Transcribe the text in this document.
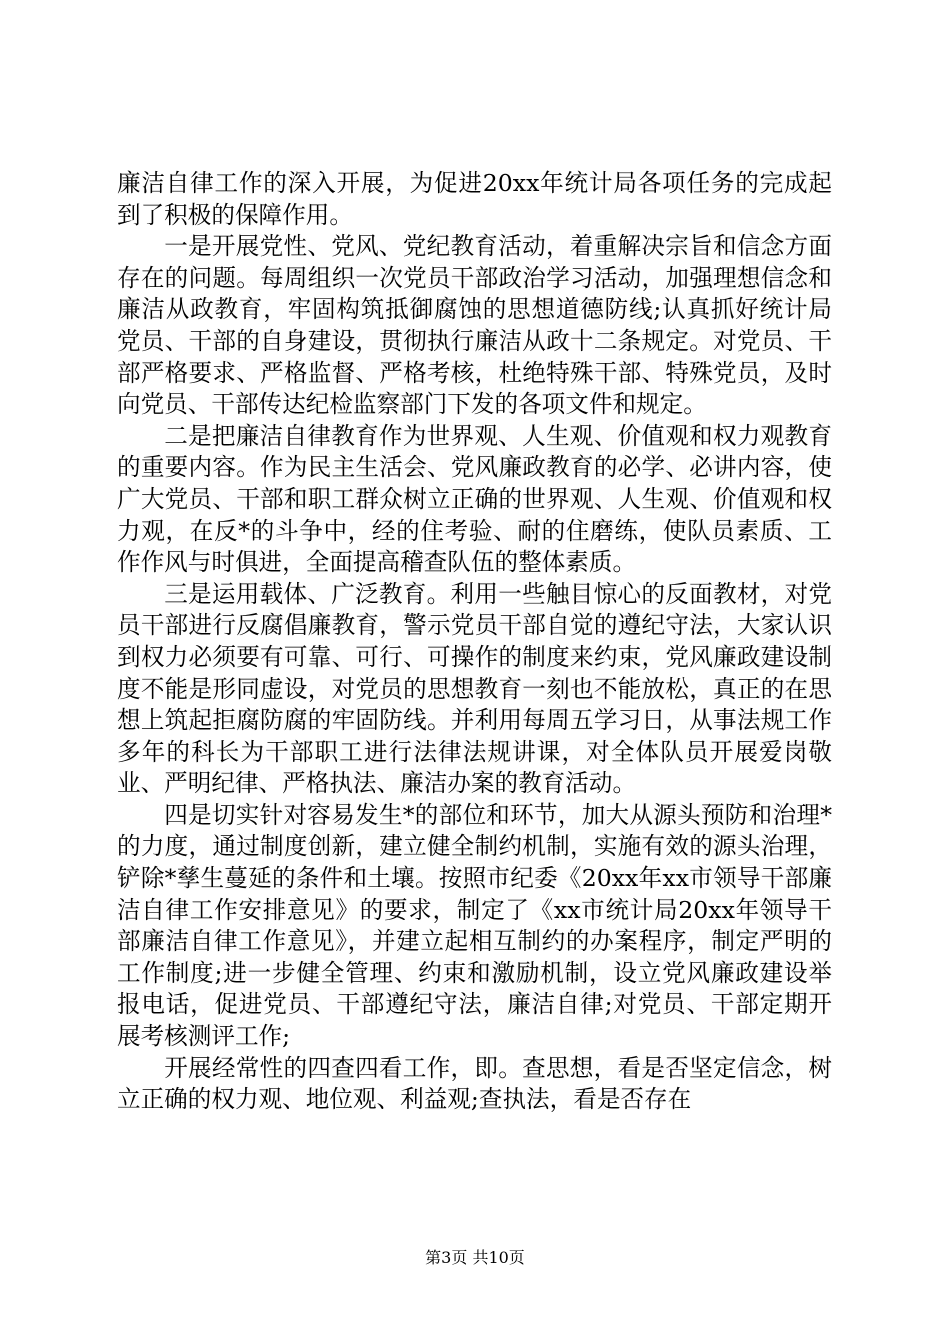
廉洁自律工作的深入开展，为促进20xx年统计局各项任务的完成起到了积极的保障作用。

一是开展党性、党风、党纪教育活动，着重解决宗旨和信念方面存在的问题。每周组织一次党员干部政治学习活动，加强理想信念和廉洁从政教育，牢固构筑抵御腐蚀的思想道德防线;认真抓好统计局党员、干部的自身建设，贯彻执行廉洁从政十二条规定。对党员、干部严格要求、严格监督、严格考核，杜绝特殊干部、特殊党员，及时向党员、干部传达纪检监察部门下发的各项文件和规定。

二是把廉洁自律教育作为世界观、人生观、价值观和权力观教育的重要内容。作为民主生活会、党风廉政教育的必学、必讲内容，使广大党员、干部和职工群众树立正确的世界观、人生观、价值观和权力观，在反*的斗争中，经的住考验、耐的住磨练，使队员素质、工作作风与时俱进，全面提高稽查队伍的整体素质。

三是运用载体、广泛教育。利用一些触目惊心的反面教材，对党员干部进行反腐倡廉教育，警示党员干部自觉的遵纪守法，大家认识到权力必须要有可靠、可行、可操作的制度来约束，党风廉政建设制度不能是形同虚设，对党员的思想教育一刻也不能放松，真正的在思想上筑起拒腐防腐的牢固防线。并利用每周五学习日，从事法规工作多年的科长为干部职工进行法律法规讲课，对全体队员开展爱岗敬业、严明纪律、严格执法、廉洁办案的教育活动。

四是切实针对容易发生*的部位和环节，加大从源头预防和治理*的力度，通过制度创新，建立健全制约机制，实施有效的源头治理，铲除*孳生蔓延的条件和土壤。按照市纪委《20xx年xx市领导干部廉洁自律工作安排意见》的要求，制定了《xx市统计局20xx年领导干部廉洁自律工作意见》，并建立起相互制约的办案程序，制定严明的工作制度;进一步健全管理、约束和激励机制，设立党风廉政建设举报电话，促进党员、干部遵纪守法，廉洁自律;对党员、干部定期开展考核测评工作;

开展经常性的四查四看工作，即。查思想，看是否坚定信念，树立正确的权力观、地位观、利益观;查执法，看是否存在

第3页 共10页
